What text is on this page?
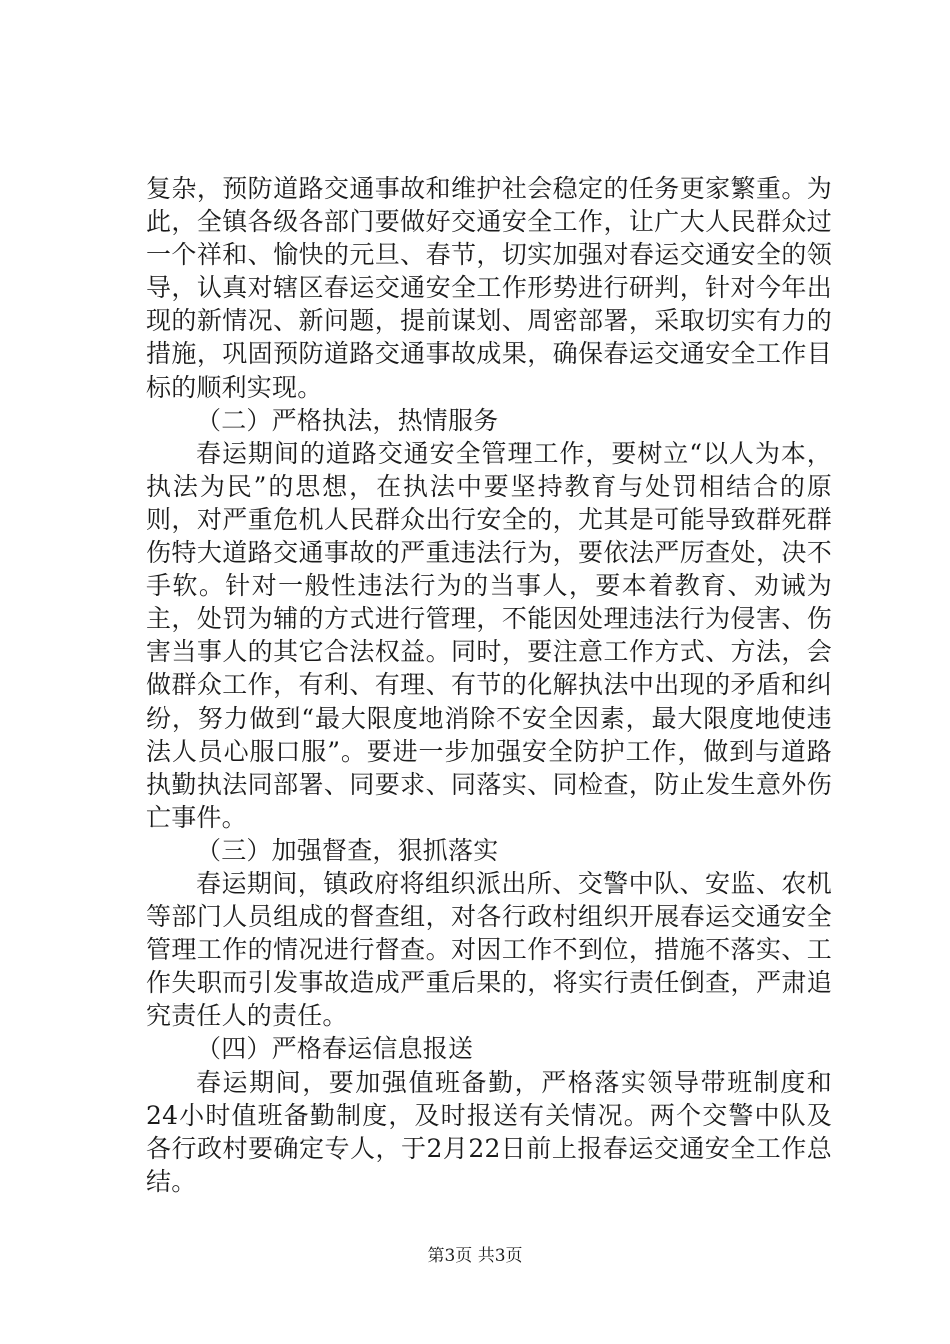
复杂，预防道路交通事故和维护社会稳定的任务更家繁重。为此，全镇各级各部门要做好交通安全工作，让广大人民群众过一个祥和、愉快的元旦、春节，切实加强对春运交通安全的领导，认真对辖区春运交通安全工作形势进行研判，针对今年出现的新情况、新问题，提前谋划、周密部署，采取切实有力的措施，巩固预防道路交通事故成果，确保春运交通安全工作目标的顺利实现。

（二）严格执法，热情服务

春运期间的道路交通安全管理工作，要树立“以人为本，执法为民”的思想，在执法中要坚持教育与处罚相结合的原则，对严重危机人民群众出行安全的，尤其是可能导致群死群伤特大道路交通事故的严重违法行为，要依法严厉查处，决不手软。针对一般性违法行为的当事人，要本着教育、劝诫为主，处罚为辅的方式进行管理，不能因处理违法行为侵害、伤害当事人的其它合法权益。同时，要注意工作方式、方法，会做群众工作，有利、有理、有节的化解执法中出现的矛盾和纠纷，努力做到“最大限度地消除不安全因素，最大限度地使违法人员心服口服”。要进一步加强安全防护工作，做到与道路执勤执法同部署、同要求、同落实、同检查，防止发生意外伤亡事件。

（三）加强督查，狠抓落实

春运期间，镇政府将组织派出所、交警中队、安监、农机等部门人员组成的督查组，对各行政村组织开展春运交通安全管理工作的情况进行督查。对因工作不到位，措施不落实、工作失职而引发事故造成严重后果的，将实行责任倒查，严肃追究责任人的责任。

（四）严格春运信息报送

春运期间，要加强值班备勤，严格落实领导带班制度和24小时值班备勤制度，及时报送有关情况。两个交警中队及各行政村要确定专人，于2月22日前上报春运交通安全工作总结。

第3页 共3页
